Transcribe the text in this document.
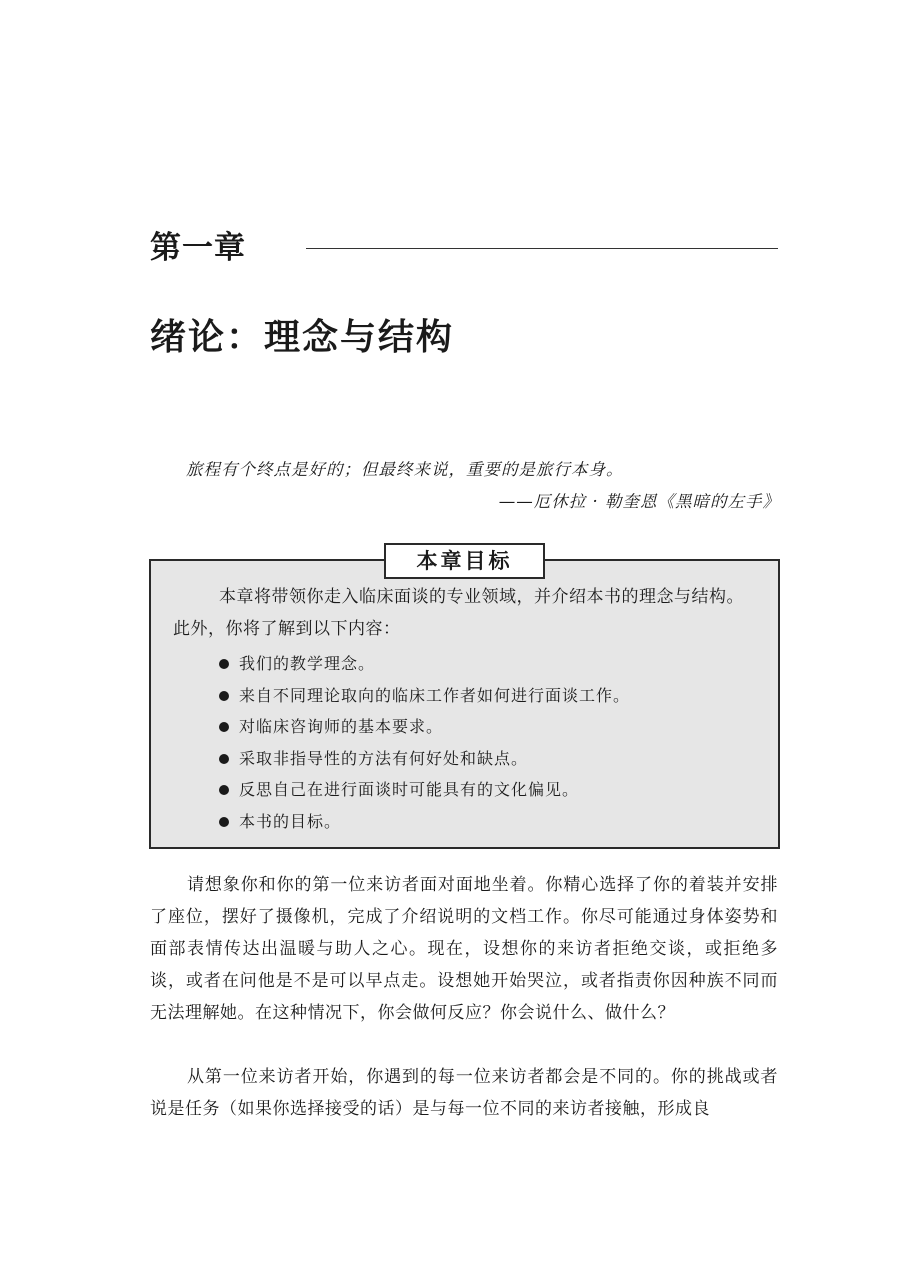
第一章
绪论：理念与结构

旅程有个终点是好的；但最终来说，重要的是旅行本身。

——厄休拉 · 勒奎恩《黑暗的左手》

本章目标

本章将带领你走入临床面谈的专业领域，并介绍本书的理念与结构。此外，你将了解到以下内容：

我们的教学理念。
来自不同理论取向的临床工作者如何进行面谈工作。
对临床咨询师的基本要求。
采取非指导性的方法有何好处和缺点。
反思自己在进行面谈时可能具有的文化偏见。
本书的目标。

请想象你和你的第一位来访者面对面地坐着。你精心选择了你的着装并安排了座位，摆好了摄像机，完成了介绍说明的文档工作。你尽可能通过身体姿势和面部表情传达出温暖与助人之心。现在，设想你的来访者拒绝交谈，或拒绝多谈，或者在问他是不是可以早点走。设想她开始哭泣，或者指责你因种族不同而无法理解她。在这种情况下，你会做何反应？你会说什么、做什么？

从第一位来访者开始，你遇到的每一位来访者都会是不同的。你的挑战或者说是任务（如果你选择接受的话）是与每一位不同的来访者接触，形成良
